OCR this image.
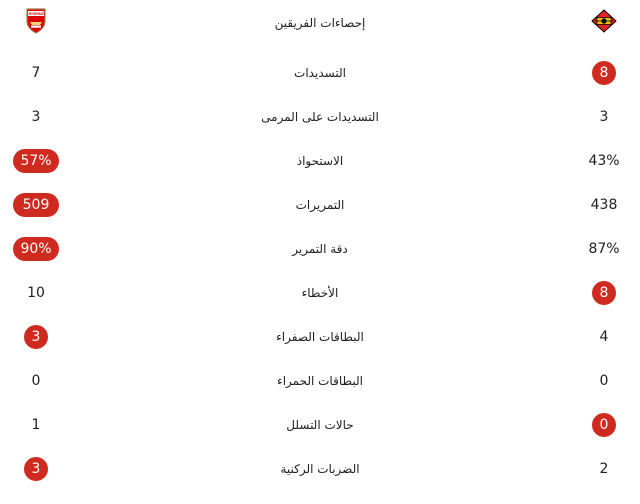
Arsenal
إحصاءات الفريقين
7	التسديدات	8
3	التسديدات على المرمى	3
57%	الاستحواذ	43%
509	التمريرات	438
90%	دقة التمرير	87%
10	الأخطاء	8
3	البطاقات الصفراء	4
0	البطاقات الحمراء	0
1	حالات التسلل	0
3	الضربات الركنية	2
